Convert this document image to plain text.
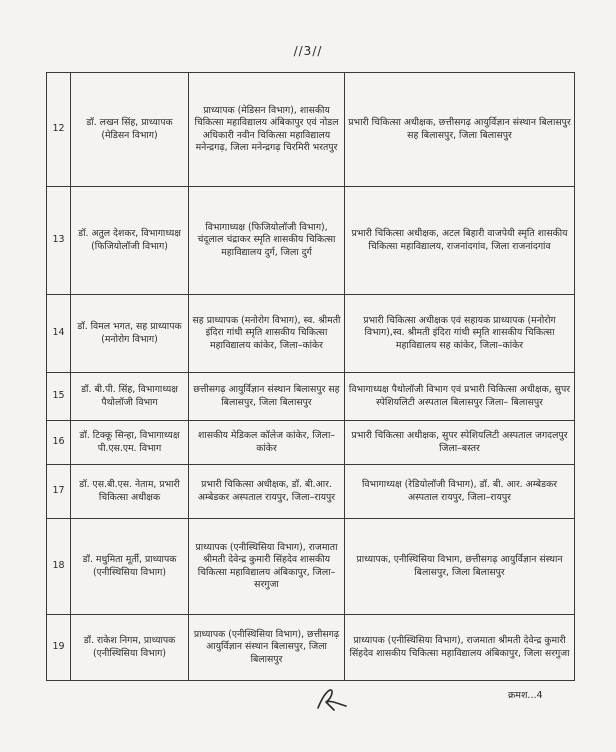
//3//
12	डॉ. लखन सिंह, प्राध्यापक (मेडिसन विभाग)	प्राध्यापक (मेडिसन विभाग), शासकीय चिकित्सा महाविद्यालय अंबिकापुर एवं नोडल अधिकारी नवीन चिकित्सा महाविद्यालय मनेन्द्रगढ़, जिला मनेन्द्रगढ़ चिरमिरी भरतपुर	प्रभारी चिकित्सा अधीक्षक, छत्तीसगढ़ आयुर्विज्ञान संस्थान बिलासपुर सह बिलासपुर, जिला बिलासपुर
13	डॉ. अतुल देशकर, विभागाध्यक्ष (फिजियोलॉजी विभाग)	विभागाध्यक्ष (फिजियोलॉजी विभाग), चंदूलाल चंद्राकर स्मृति शासकीय चिकित्सा महाविद्यालय दुर्ग, जिला दुर्ग	प्रभारी चिकित्सा अधीक्षक, अटल बिहारी वाजपेयी स्मृति शासकीय चिकित्सा महाविद्यालय, राजनांदगांव, जिला राजनांदगांव
14	डॉ. विमल भगत, सह प्राध्यापक (मनोरोग विभाग)	सह प्राध्यापक (मनोरोग विभाग), स्व. श्रीमती इंदिरा गांधी स्मृति शासकीय चिकित्सा महाविद्यालय कांकेर, जिला–कांकेर	प्रभारी चिकित्सा अधीक्षक एवं सहायक प्राध्यापक (मनोरोग विभाग),स्व. श्रीमती इंदिरा गांधी स्मृति शासकीय चिकित्सा महाविद्यालय सह कांकेर, जिला–कांकेर
15	डॉ. बी.पी. सिंह, विभागाध्यक्ष पैथोलॉजी विभाग	छत्तीसगढ़ आयुर्विज्ञान संस्थान बिलासपुर सह बिलासपुर, जिला बिलासपुर	विभागाध्यक्ष पैथोलॉजी विभाग एवं प्रभारी चिकित्सा अधीक्षक, सुपर स्पेशियलिटी अस्पताल बिलासपुर जिला– बिलासपुर
16	डॉ. टिक्कू सिन्हा, विभागाध्यक्ष पी.एस.एम. विभाग	शासकीय मेडिकल कॉलेज कांकेर, जिला–कांकेर	प्रभारी चिकित्सा अधीक्षक, सुपर स्पेशियलिटी अस्पताल जगदलपुर जिला–बस्तर
17	डॉ. एस.बी.एस. नेताम, प्रभारी चिकित्सा अधीक्षक	प्रभारी चिकित्सा अधीक्षक, डॉ. बी.आर. अम्बेडकर अस्पताल रायपुर, जिला–रायपुर	विभागाध्यक्ष (रेडियोलॉजी विभाग), डॉ. बी. आर. अम्बेडकर अस्पताल रायपुर, जिला–रायपुर
18	डॉ. मधुमिता मूर्ती, प्राध्यापक (एनीस्थिसिया विभाग)	प्राध्यापक (एनीस्थिसिया विभाग), राजमाता श्रीमती देवेन्द्र कुमारी सिंहदेव शासकीय चिकित्सा महाविद्यालय अंबिकापुर, जिला–सरगुजा	प्राध्यापक, एनीस्थिसिया विभाग, छत्तीसगढ़ आयुर्विज्ञान संस्थान बिलासपुर, जिला बिलासपुर
19	डॉ. राकेश निगम, प्राध्यापक (एनीस्थिसिया विभाग)	प्राध्यापक (एनीस्थिसिया विभाग), छत्तीसगढ़ आयुर्विज्ञान संस्थान बिलासपुर, जिला बिलासपुर	प्राध्यापक (एनीस्थिसिया विभाग), राजमाता श्रीमती देवेन्द्र कुमारी सिंहदेव शासकीय चिकित्सा महाविद्यालय अंबिकापुर, जिला सरगुजा
क्रमश...4
